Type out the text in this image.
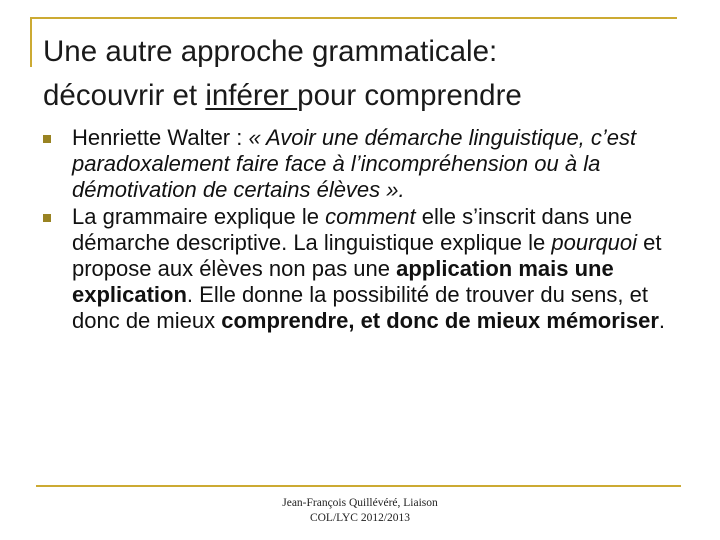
Une autre approche grammaticale:
découvrir et inférer pour comprendre
Henriette Walter : « Avoir une démarche linguistique, c’est paradoxalement faire face à l’incompréhension ou à la démotivation de certains élèves ».
La grammaire explique le comment elle s’inscrit dans une démarche descriptive. La linguistique explique le pourquoi et propose aux élèves non pas une application mais une explication. Elle donne la possibilité de trouver du sens, et donc de mieux comprendre, et donc de mieux mémoriser.
Jean-François Quillévéré, Liaison
COL/LYC 2012/2013
